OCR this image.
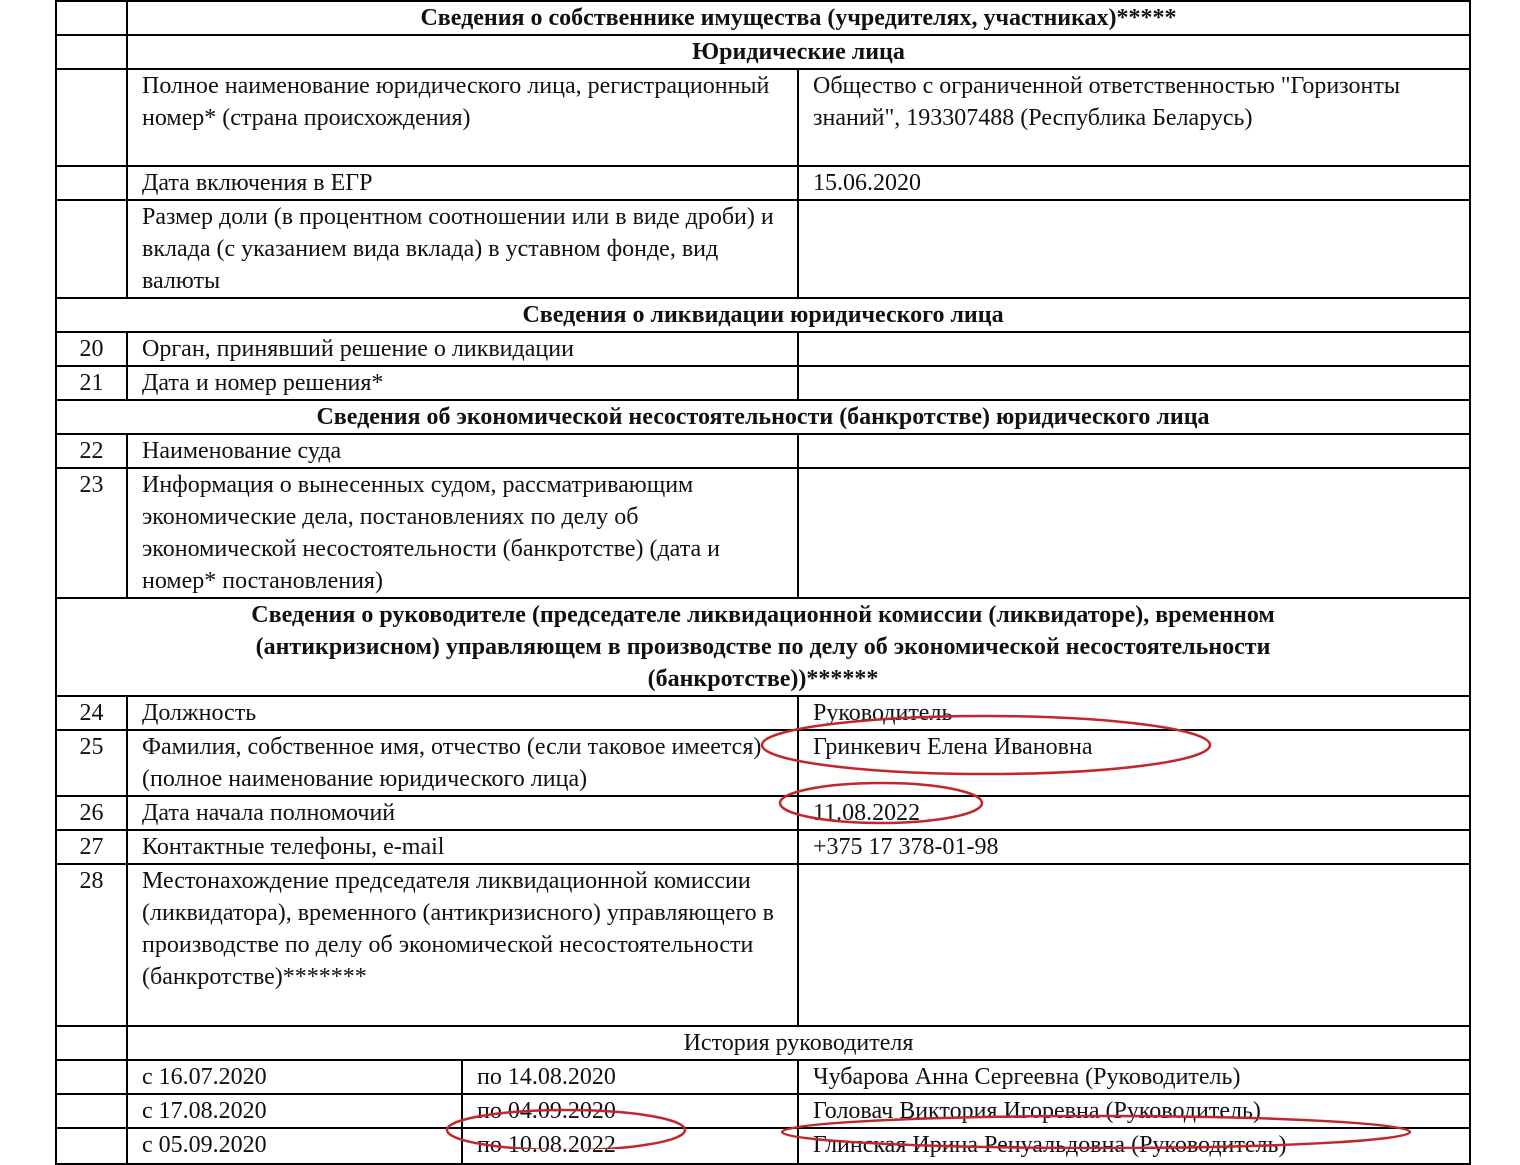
	Сведения о собственнике имущества (учредителях, участниках)*****		
	Юридические лица		
	Полное наименование юридического лица, регистрационный номер* (страна происхождения)		Общество с ограниченной ответственностью "Горизонты знаний", 193307488 (Республика Беларусь)
	Дата включения в ЕГР		15.06.2020
	Размер доли (в процентном соотношении или в виде дроби) и вклада (с указанием вида вклада) в уставном фонде, вид валюты		
Сведения о ликвидации юридического лица			
20	Орган, принявший решение о ликвидации		
21	Дата и номер решения*		
Сведения об экономической несостоятельности (банкротстве) юридического лица			
22	Наименование суда		
23	Информация о вынесенных судом, рассматривающим экономические дела, постановлениях по делу об экономической несостоятельности (банкротстве) (дата и номер* постановления)		
Сведения о руководителе (председателе ликвидационной комиссии (ликвидаторе), временном (антикризисном) управляющем в производстве по делу об экономической несостоятельности (банкротстве))******			
24	Должность		Руководитель
25	Фамилия, собственное имя, отчество (если таковое имеется) (полное наименование юридического лица)		Гринкевич Елена Ивановна
26	Дата начала полномочий		11.08.2022
27	Контактные телефоны, e-mail		+375 17 378-01-98
28	Местонахождение председателя ликвидационной комиссии (ликвидатора), временного (антикризисного) управляющего в производстве по делу об экономической несостоятельности (банкротстве)*******		
	История руководителя		
	с 16.07.2020	по 14.08.2020	Чубарова Анна Сергеевна (Руководитель)
	с 17.08.2020	по 04.09.2020	Головач Виктория Игоревна (Руководитель)
	с 05.09.2020	по 10.08.2022	Глинская Ирина Ренуальдовна (Руководитель)
